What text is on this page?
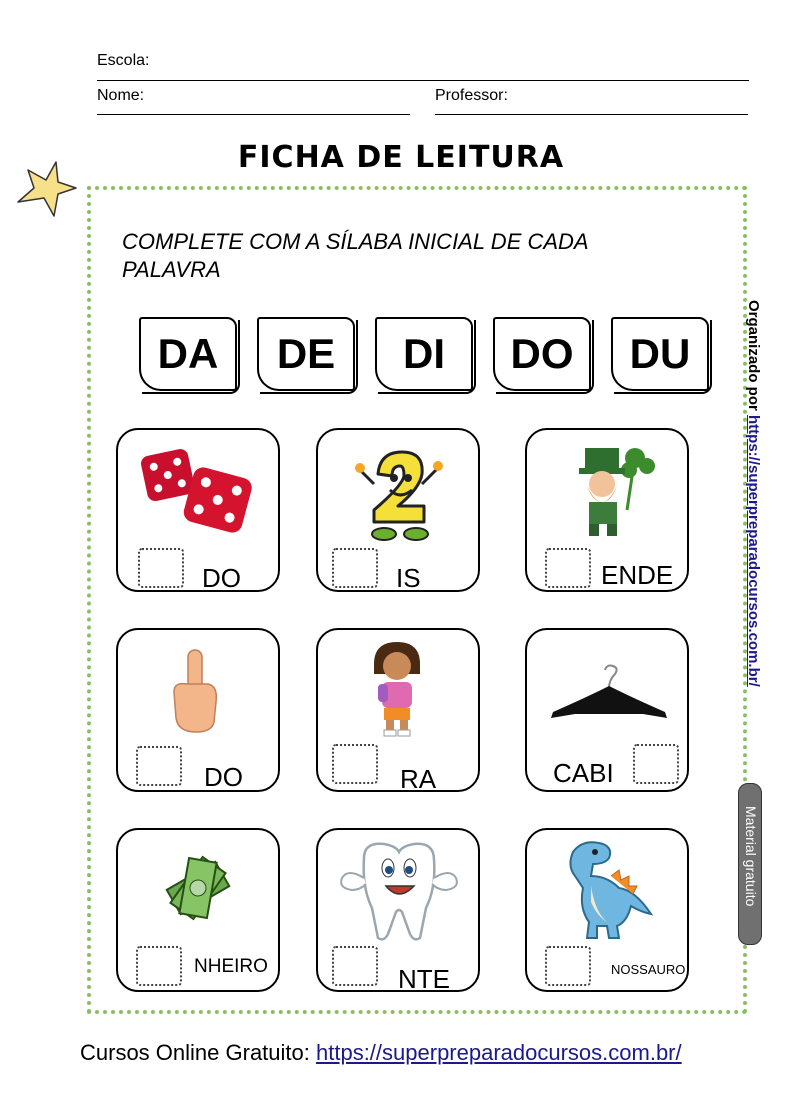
Escola:
Nome:	Professor:
FICHA DE LEITURA
COMPLETE COM A SÍLABA INICIAL DE CADA PALAVRA
DA DE DI DO DU
DO	IS	ENDE
DO	RA	CABI
NHEIRO	NTE	NOSSAURO
Organizado por https://superpreparadocursos.com.br/
Material gratuito
Cursos Online Gratuito: https://superpreparadocursos.com.br/
